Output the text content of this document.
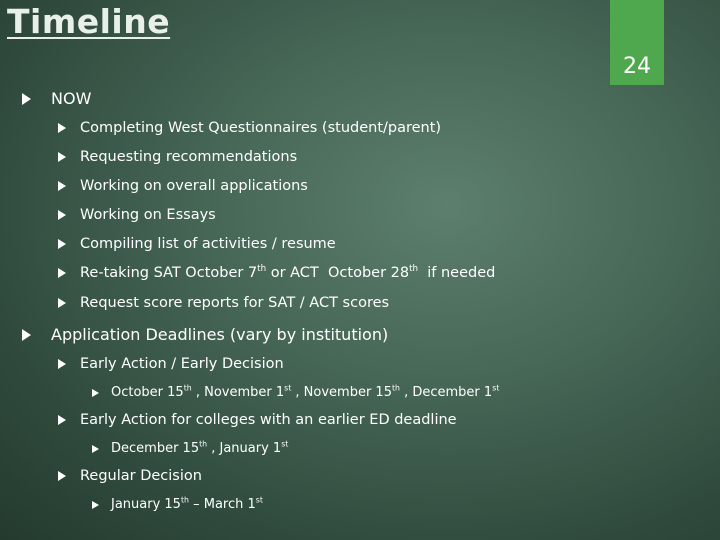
Timeline
24
NOW
Completing West Questionnaires (student/parent)
Requesting recommendations
Working on overall applications
Working on Essays
Compiling list of activities / resume
Re-taking SAT October 7th or ACT  October 28th  if needed
Request score reports for SAT / ACT scores
Application Deadlines (vary by institution)
Early Action / Early Decision
October 15th , November 1st , November 15th , December 1st
Early Action for colleges with an earlier ED deadline
December 15th , January 1st
Regular Decision
January 15th – March 1st
